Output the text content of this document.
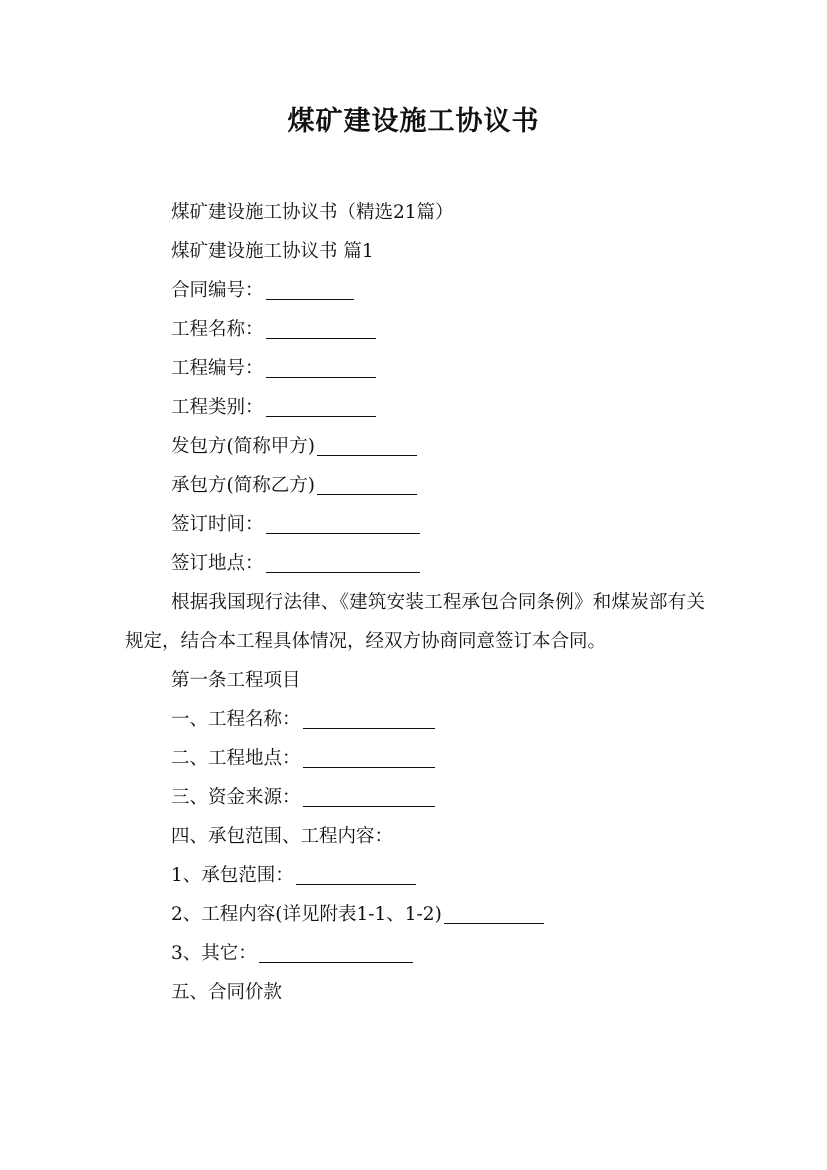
煤矿建设施工协议书
煤矿建设施工协议书（精选21篇）
煤矿建设施工协议书 篇1
合同编号：
工程名称：
工程编号：
工程类别：
发包方(简称甲方)
承包方(简称乙方)
签订时间：
签订地点：
根据我国现行法律、《建筑安装工程承包合同条例》和煤炭部有关规定，结合本工程具体情况，经双方协商同意签订本合同。
第一条工程项目
一、工程名称：
二、工程地点：
三、资金来源：
四、承包范围、工程内容：
1、承包范围：
2、工程内容(详见附表1-1、1-2)
3、其它：
五、合同价款
